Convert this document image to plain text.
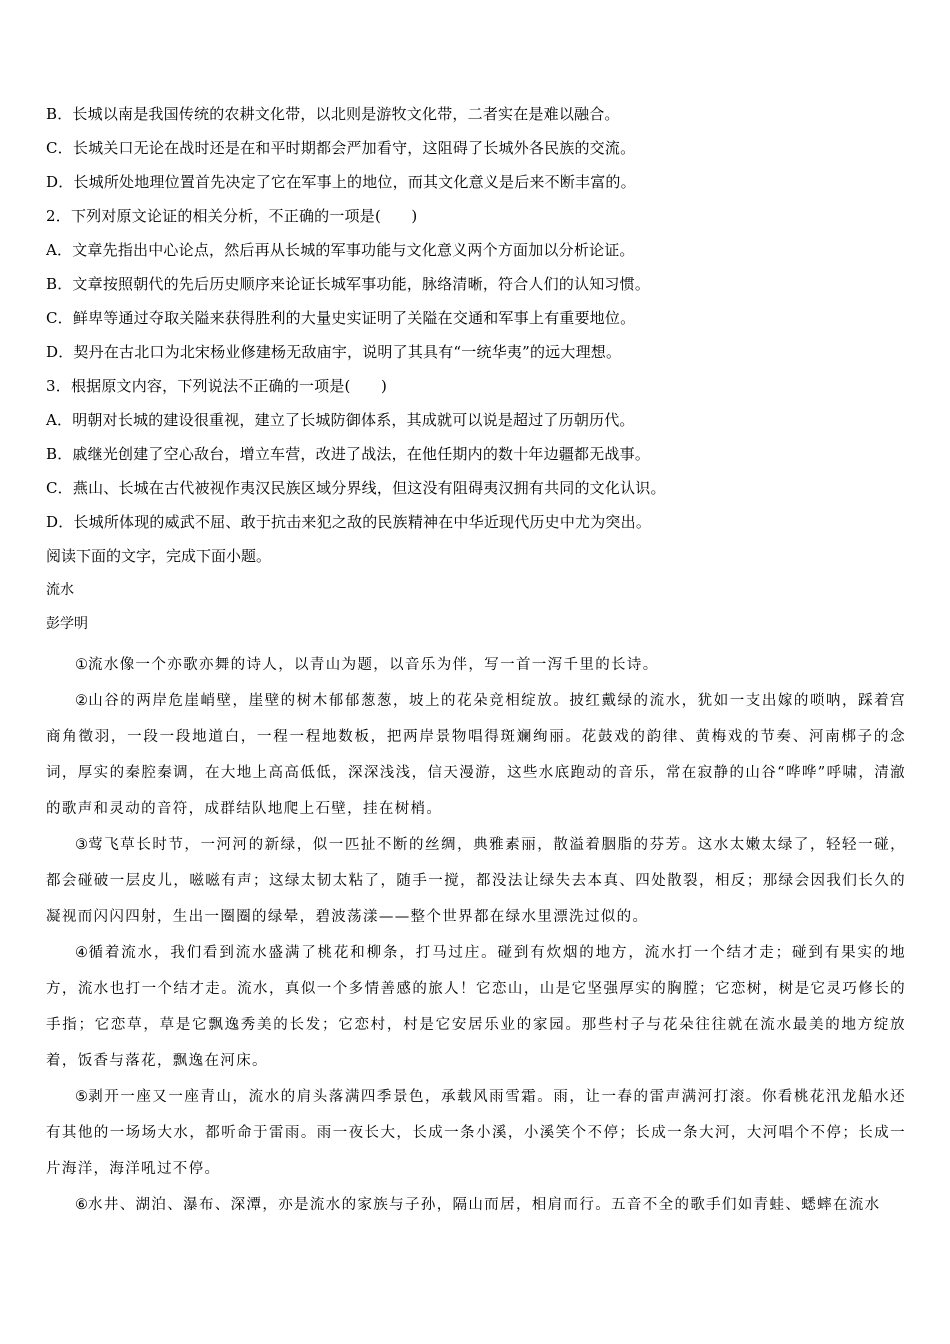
B．长城以南是我国传统的农耕文化带，以北则是游牧文化带，二者实在是难以融合。
C．长城关口无论在战时还是在和平时期都会严加看守，这阻碍了长城外各民族的交流。
D．长城所处地理位置首先决定了它在军事上的地位，而其文化意义是后来不断丰富的。
2．下列对原文论证的相关分析，不正确的一项是(　　)
A．文章先指出中心论点，然后再从长城的军事功能与文化意义两个方面加以分析论证。
B．文章按照朝代的先后历史顺序来论证长城军事功能，脉络清晰，符合人们的认知习惯。
C．鲜卑等通过夺取关隘来获得胜利的大量史实证明了关隘在交通和军事上有重要地位。
D．契丹在古北口为北宋杨业修建杨无敌庙宇，说明了其具有“一统华夷”的远大理想。
3．根据原文内容，下列说法不正确的一项是(　　)
A．明朝对长城的建设很重视，建立了长城防御体系，其成就可以说是超过了历朝历代。
B．戚继光创建了空心敌台，增立车营，改进了战法，在他任期内的数十年边疆都无战事。
C．燕山、长城在古代被视作夷汉民族区域分界线，但这没有阻碍夷汉拥有共同的文化认识。
D．长城所体现的威武不屈、敢于抗击来犯之敌的民族精神在中华近现代历史中尤为突出。
阅读下面的文字，完成下面小题。
流水
彭学明

①流水像一个亦歌亦舞的诗人，以青山为题，以音乐为伴，写一首一泻千里的长诗。

②山谷的两岸危崖峭壁，崖壁的树木郁郁葱葱，坡上的花朵竞相绽放。披红戴绿的流水，犹如一支出嫁的唢呐，踩着宫商角徵羽，一段一段地道白，一程一程地数板，把两岸景物唱得斑斓绚丽。花鼓戏的韵律、黄梅戏的节奏、河南梆子的念词，厚实的秦腔秦调，在大地上高高低低，深深浅浅，信天漫游，这些水底跑动的音乐，常在寂静的山谷“哗哗”呼啸，清澈的歌声和灵动的音符，成群结队地爬上石壁，挂在树梢。

③莺飞草长时节，一河河的新绿，似一匹扯不断的丝绸，典雅素丽，散溢着胭脂的芬芳。这水太嫩太绿了，轻轻一碰，都会碰破一层皮儿，嗞嗞有声；这绿太韧太粘了，随手一搅，都没法让绿失去本真、四处散裂，相反；那绿会因我们长久的凝视而闪闪四射，生出一圈圈的绿晕，碧波荡漾——整个世界都在绿水里漂洗过似的。

④循着流水，我们看到流水盛满了桃花和柳条，打马过庄。碰到有炊烟的地方，流水打一个结才走；碰到有果实的地方，流水也打一个结才走。流水，真似一个多情善感的旅人！它恋山，山是它坚强厚实的胸膛；它恋树，树是它灵巧修长的手指；它恋草，草是它飘逸秀美的长发；它恋村，村是它安居乐业的家园。那些村子与花朵往往就在流水最美的地方绽放着，饭香与落花，飘逸在河床。

⑤剥开一座又一座青山，流水的肩头落满四季景色，承载风雨雪霜。雨，让一春的雷声满河打滚。你看桃花汛龙船水还有其他的一场场大水，都听命于雷雨。雨一夜长大，长成一条小溪，小溪笑个不停；长成一条大河，大河唱个不停；长成一片海洋，海洋吼过不停。

⑥水井、湖泊、瀑布、深潭，亦是流水的家族与子孙，隔山而居，相肩而行。五音不全的歌手们如青蛙、蟋蟀在流水
